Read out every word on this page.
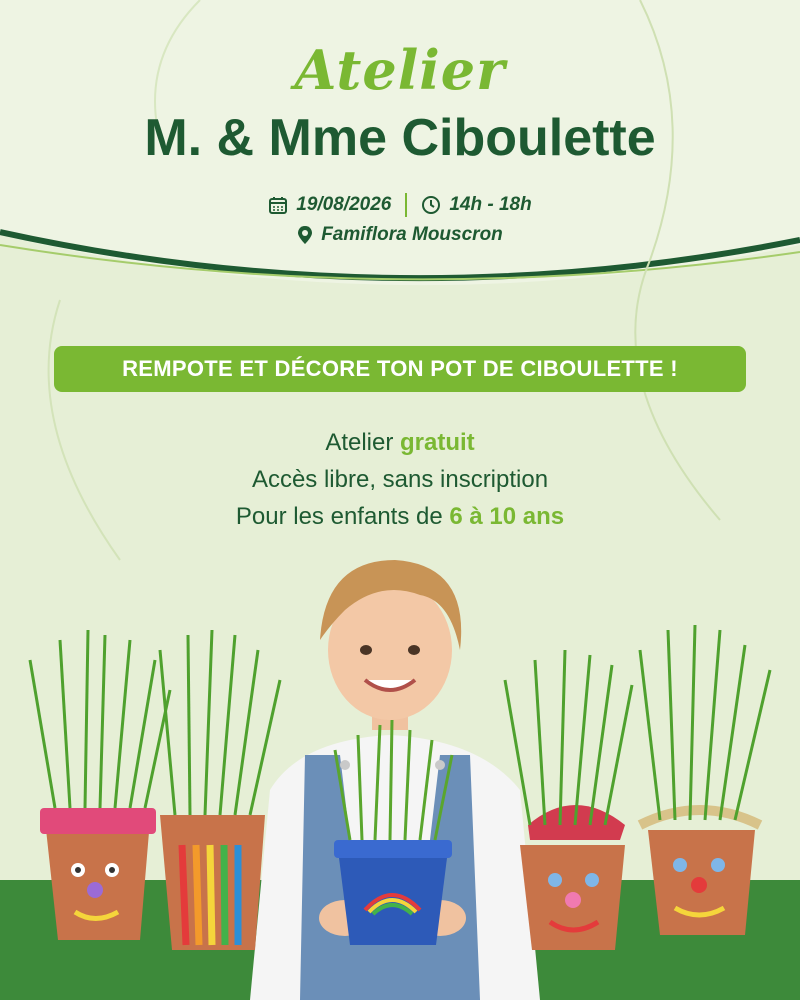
Atelier
M. & Mme Ciboulette
19/08/2026	14h - 18h
Famiflora Mouscron
REMPOTE ET DÉCORE TON POT DE CIBOULETTE !
Atelier gratuit
Accès libre, sans inscription
Pour les enfants de 6 à 10 ans
